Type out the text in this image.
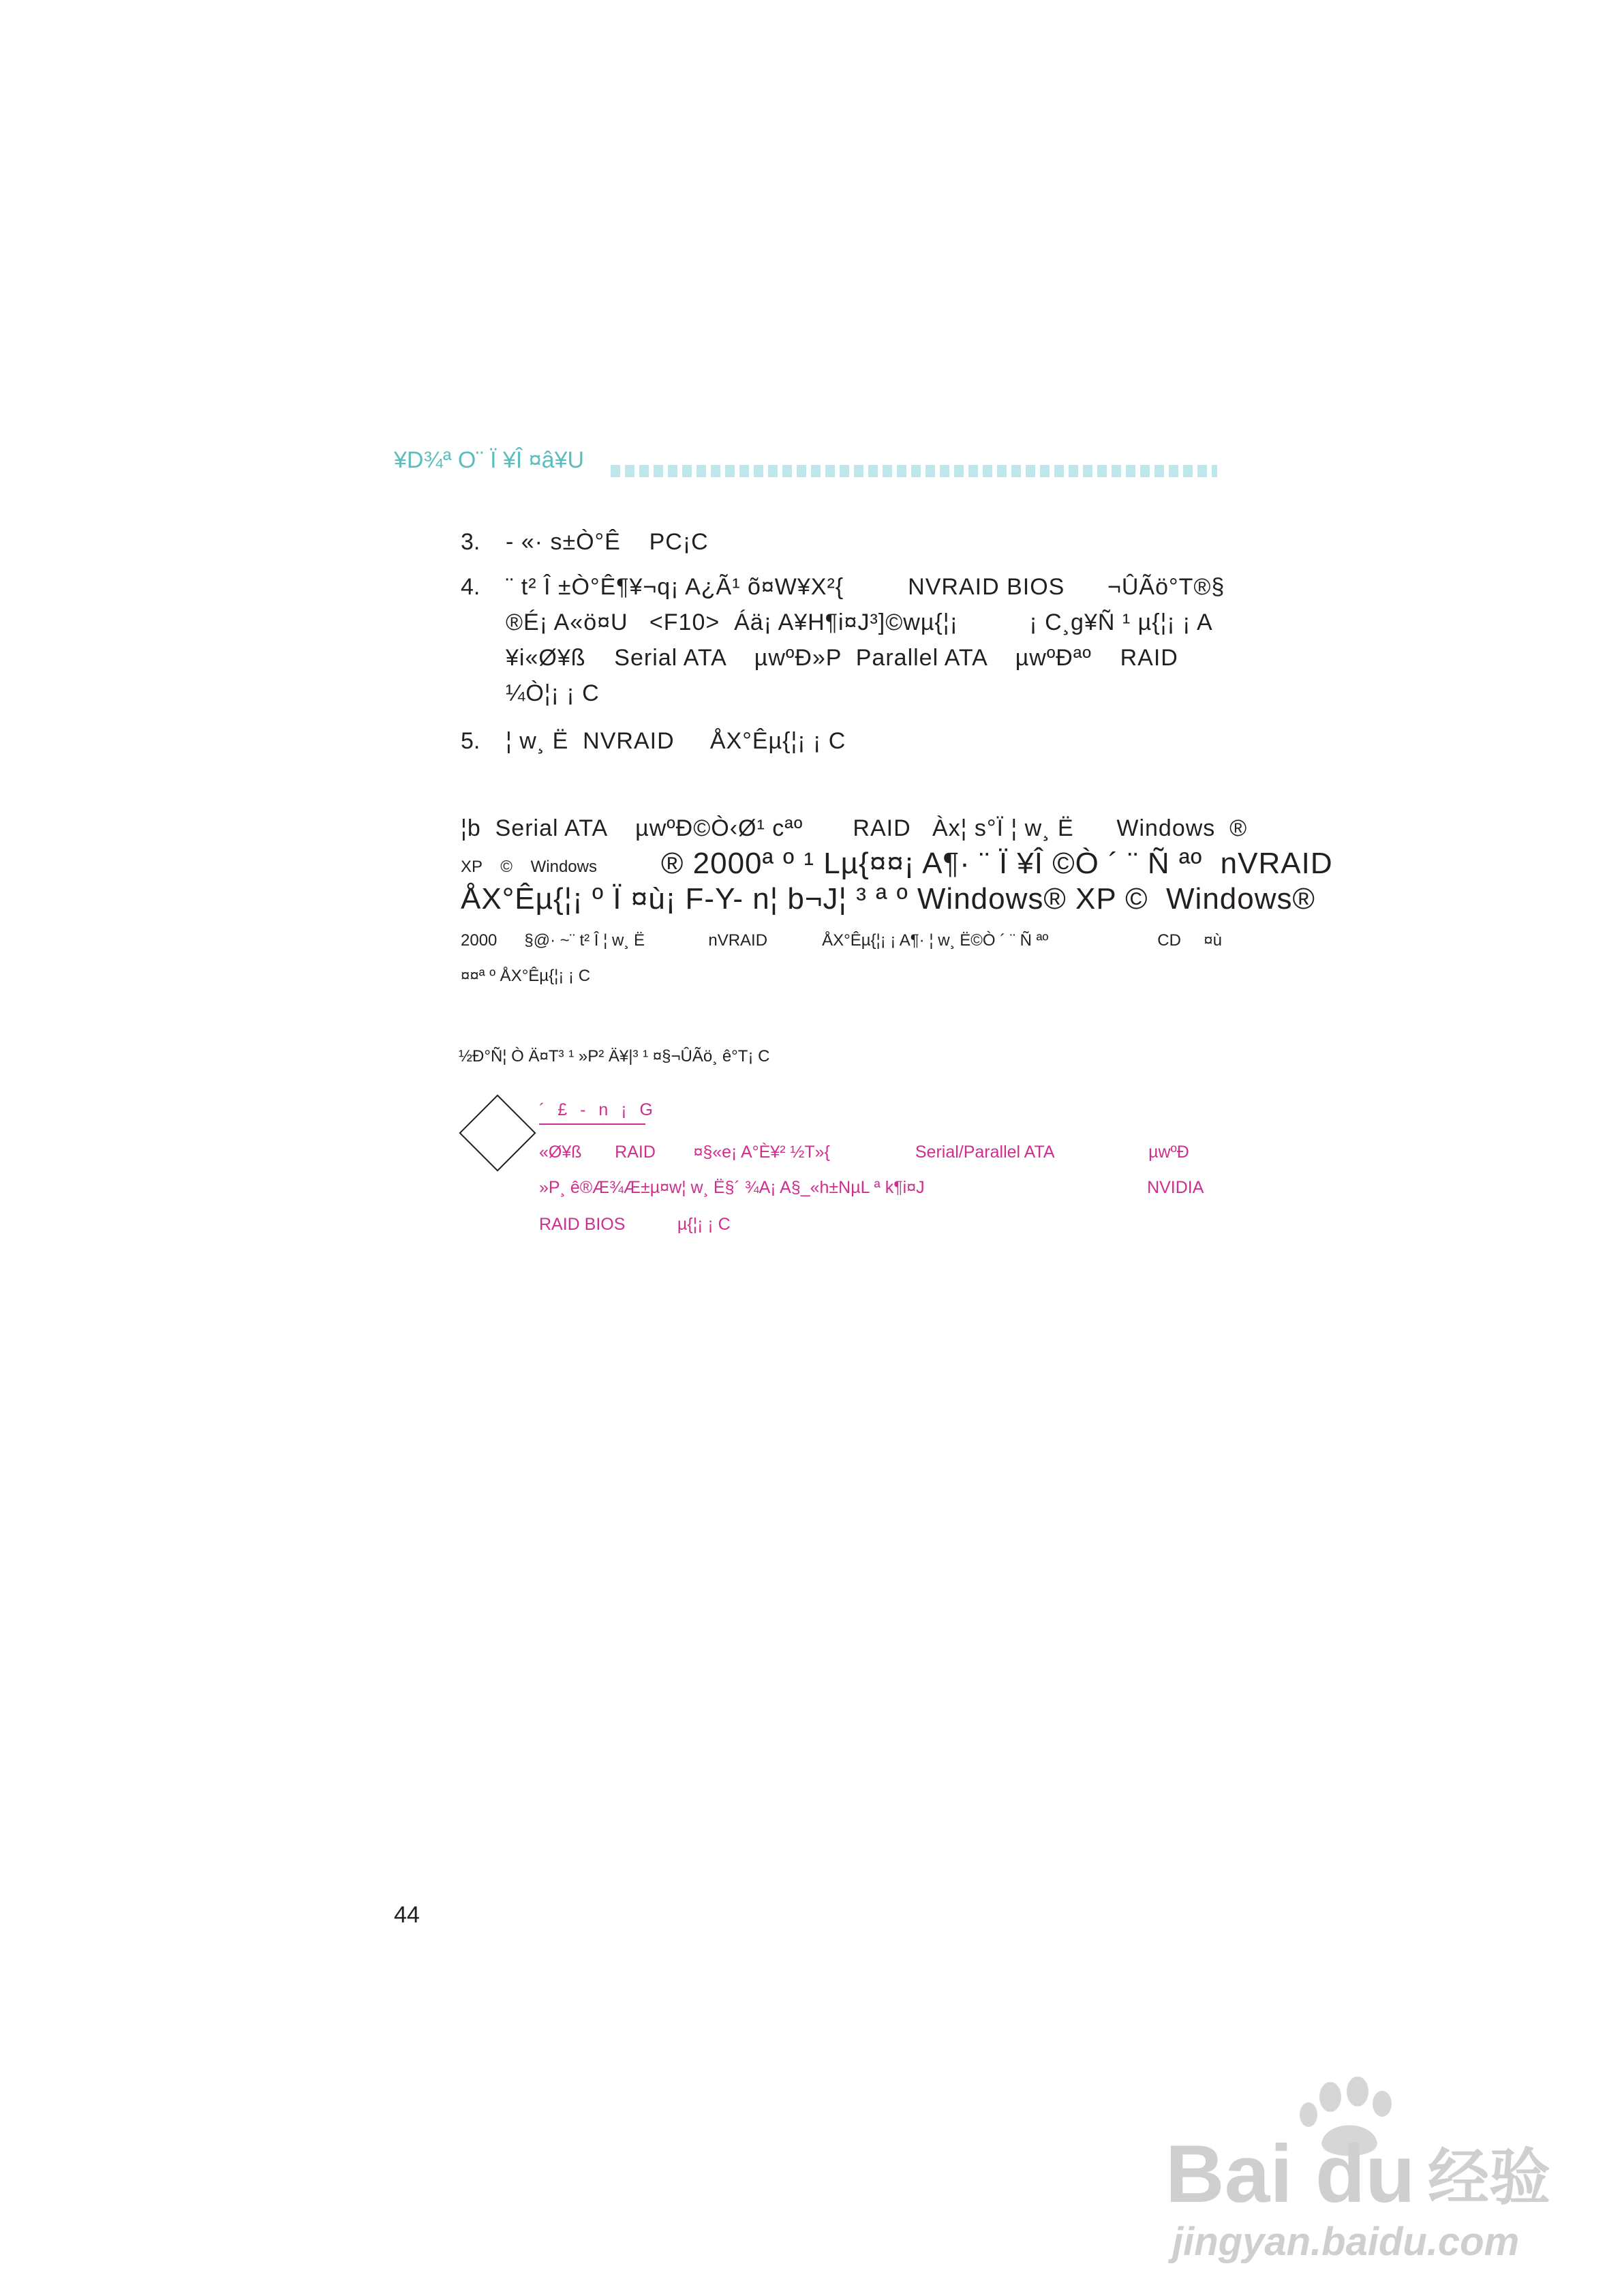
¥D¾ª O¨ Ï ¥Î ¤â¥U
3. - «· s±Ò°Ê    PC¡C
4. ¨ t² Î ±Ò°Ê¶¥¬q¡ A¿Ã¹ õ¤W¥X²{         NVRAID BIOS      ¬ÛÃö°T®§
®É¡ A«ö¤U   <F10>  Áä¡ A¥H¶i¤J³]©wµ{¦¡          ¡ C¸g¥Ñ ¹ µ{¦¡ ¡ A
¥i«Ø¥ß    Serial ATA    µwºÐ»P  Parallel ATA    µwºÐªº    RAID
¼Ò¦¡ ¡ C
5. ¦ w¸ Ë  NVRAID     ÅX°Êµ{¦¡ ¡ C
¦b  Serial ATA    µwºÐ©Ò‹Ø¹ cªº       RAID   Àx¦ s°Ï ¦ w¸ Ë      Windows  ®
XP    ©    Windows ® 2000ª º ¹ Lµ{¤¤¡ A¶· ¨ Ï ¥Î ©Ò ´ ¨ Ñ ªº  nVRAID
ÅX°Êµ{¦¡ º Ï ¤ù¡ F-Y- n¦ b¬J¦ ³ ª º Windows® XP ©  Windows®
2000      §@· ~¨ t² Î ¦ w¸ Ë              nVRAID            ÅX°Êµ{¦¡ ¡ A¶· ¦ w¸ Ë©Ò ´ ¨ Ñ ªº                        CD     ¤ù
¤¤ª º ÅX°Êµ{¦¡ ¡ C
½Ð°Ñ¦ Ò Ä¤T³ ¹ »P² Ä¥|³ ¹ ¤§¬ÛÃö¸ ê°T¡ C
´ £ - n ¡ G
«Ø¥ß       RAID        ¤§«e¡ A°È¥² ½T»{                  Serial/Parallel ATA                    µwºÐ
»P¸ ê®Æ¾Æ±µ¤w¦ w¸ Ë§´ ¾A¡ A§_«h±NµL ª k¶i¤J                                               NVIDIA
RAID BIOS           µ{¦¡ ¡ C
44
Bai du 经验
jingyan.baidu.com
